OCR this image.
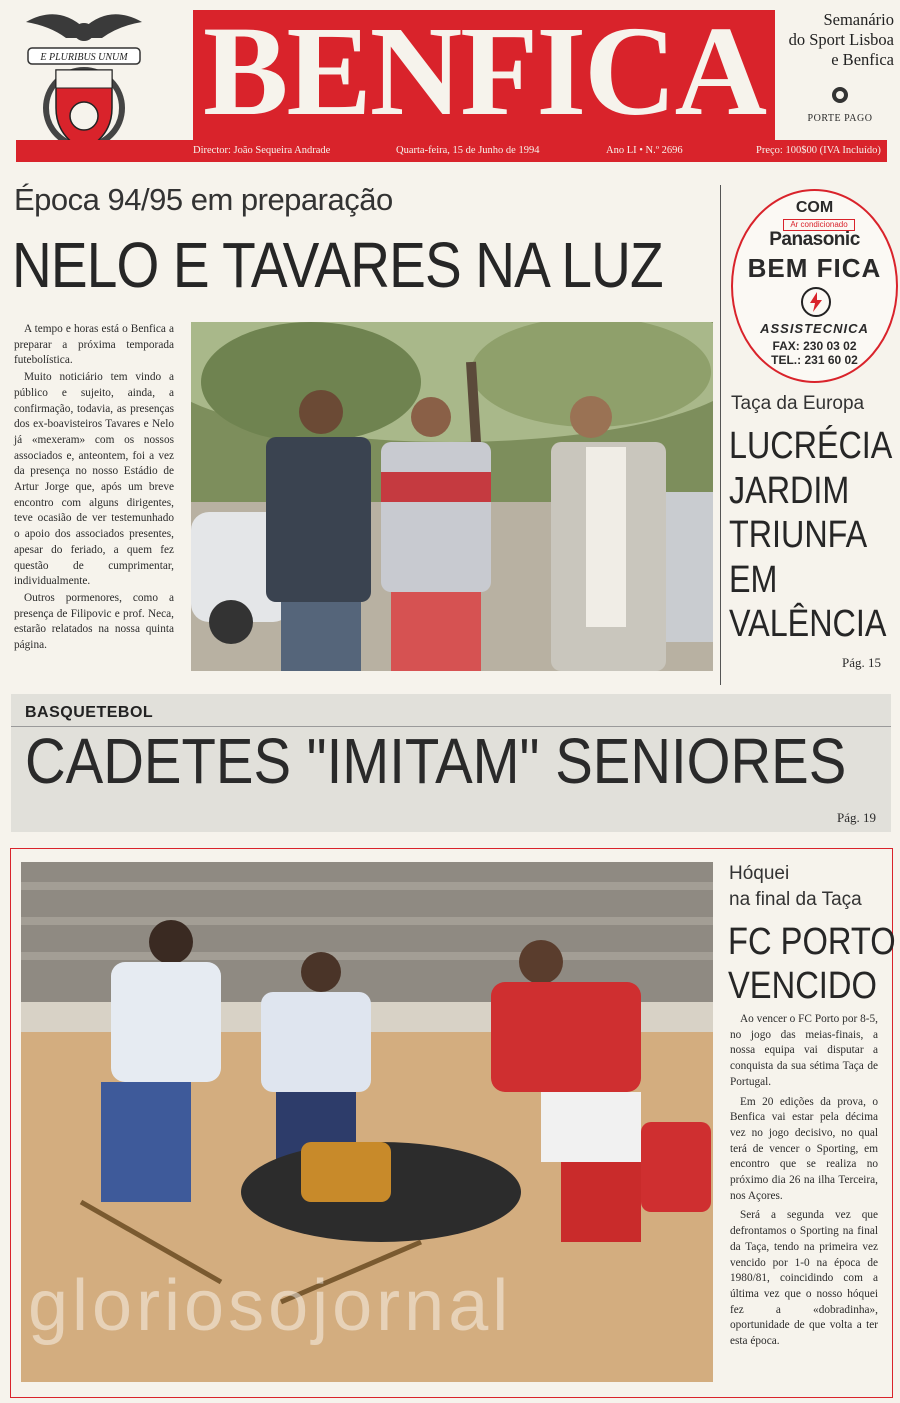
E PLURIBUS UNUM BENFICA	Semanário
do Sport Lisboa
e Benfica
PORTE PAGO
Director: João Sequeira Andrade	Quarta-feira, 15 de Junho de 1994	Ano LI • N.º 2696	Preço: 100$00 (IVA Incluído)
Época 94/95 em preparação
NELO E TAVARES NA LUZ

A tempo e horas está o Benfica a preparar a próxima temporada futebolística.

Muito noticiário tem vindo a público e sujeito, ainda, a confirmação, todavia, as presenças dos ex-boavisteiros Tavares e Nelo já «mexeram» com os nossos associados e, anteontem, foi a vez da presença no nosso Estádio de Artur Jorge que, após um breve encontro com alguns dirigentes, teve ocasião de ver testemunhado o apoio dos associados presentes, apesar do feriado, a quem fez questão de cumprimentar, individualmente.

Outros pormenores, como a presença de Filipovic e prof. Neca, estarão relatados na nossa quinta página.

COM
Ar condicionado
Panasonic
BEM FICA
ASSISTECNICA
FAX: 230 03 02
TEL.: 231 60 02
Taça da Europa
LUCRÉCIA
JARDIM
TRIUNFA
EM
VALÊNCIA
Pág. 15
BASQUETEBOL
CADETES "IMITAM" SENIORES
Pág. 19
gloriosojornal
Hóquei
na final da Taça
FC PORTO
VENCIDO

Ao vencer o FC Porto por 8-5, no jogo das meias-finais, a nossa equipa vai disputar a conquista da sua sétima Taça de Portugal.

Em 20 edições da prova, o Benfica vai estar pela décima vez no jogo decisivo, no qual terá de vencer o Sporting, em encontro que se realiza no próximo dia 26 na ilha Terceira, nos Açores.

Será a segunda vez que defrontamos o Sporting na final da Taça, tendo na primeira vez vencido por 1-0 na época de 1980/81, coincidindo com a última vez que o nosso hóquei fez a «dobradinha», oportunidade de que volta a ter esta época.
